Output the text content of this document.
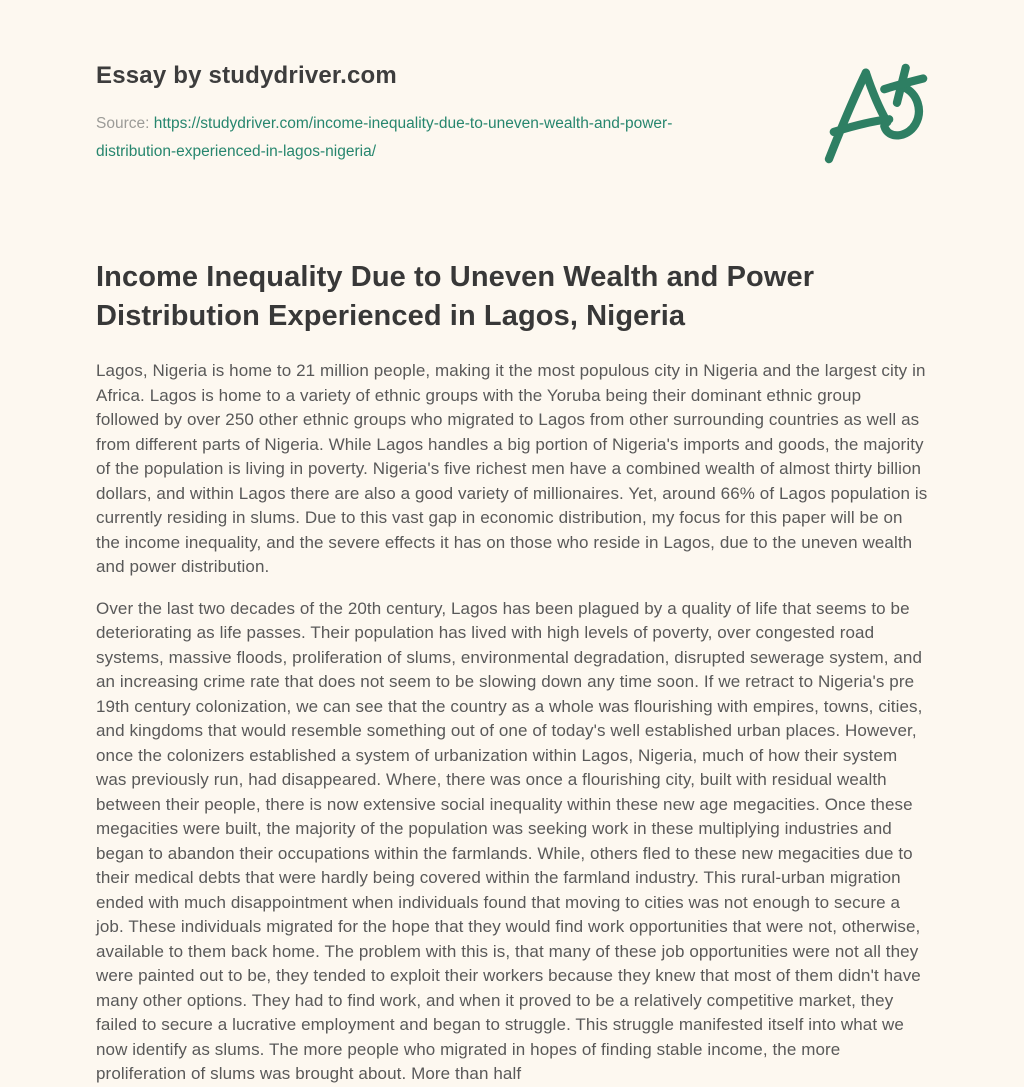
Essay by studydriver.com

Source: https://studydriver.com/income-inequality-due-to-uneven-wealth-and-power-distribution-experienced-in-lagos-nigeria/

Income Inequality Due to Uneven Wealth and Power Distribution Experienced in Lagos, Nigeria

Lagos, Nigeria is home to 21 million people, making it the most populous city in Nigeria and the largest city in Africa. Lagos is home to a variety of ethnic groups with the Yoruba being their dominant ethnic group followed by over 250 other ethnic groups who migrated to Lagos from other surrounding countries as well as from different parts of Nigeria. While Lagos handles a big portion of Nigeria's imports and goods, the majority of the population is living in poverty. Nigeria's five richest men have a combined wealth of almost thirty billion dollars, and within Lagos there are also a good variety of millionaires. Yet, around 66% of Lagos population is currently residing in slums. Due to this vast gap in economic distribution, my focus for this paper will be on the income inequality, and the severe effects it has on those who reside in Lagos, due to the uneven wealth and power distribution.

Over the last two decades of the 20th century, Lagos has been plagued by a quality of life that seems to be deteriorating as life passes. Their population has lived with high levels of poverty, over congested road systems, massive floods, proliferation of slums, environmental degradation, disrupted sewerage system, and an increasing crime rate that does not seem to be slowing down any time soon. If we retract to Nigeria's pre 19th century colonization, we can see that the country as a whole was flourishing with empires, towns, cities, and kingdoms that would resemble something out of one of today's well established urban places. However, once the colonizers established a system of urbanization within Lagos, Nigeria, much of how their system was previously run, had disappeared. Where, there was once a flourishing city, built with residual wealth between their people, there is now extensive social inequality within these new age megacities. Once these megacities were built, the majority of the population was seeking work in these multiplying industries and began to abandon their occupations within the farmlands. While, others fled to these new megacities due to their medical debts that were hardly being covered within the farmland industry. This rural-urban migration ended with much disappointment when individuals found that moving to cities was not enough to secure a job. These individuals migrated for the hope that they would find work opportunities that were not, otherwise, available to them back home. The problem with this is, that many of these job opportunities were not all they were painted out to be, they tended to exploit their workers because they knew that most of them didn't have many other options. They had to find work, and when it proved to be a relatively competitive market, they failed to secure a lucrative employment and began to struggle. This struggle manifested itself into what we now identify as slums. The more people who migrated in hopes of finding stable income, the more proliferation of slums was brought about. More than half
